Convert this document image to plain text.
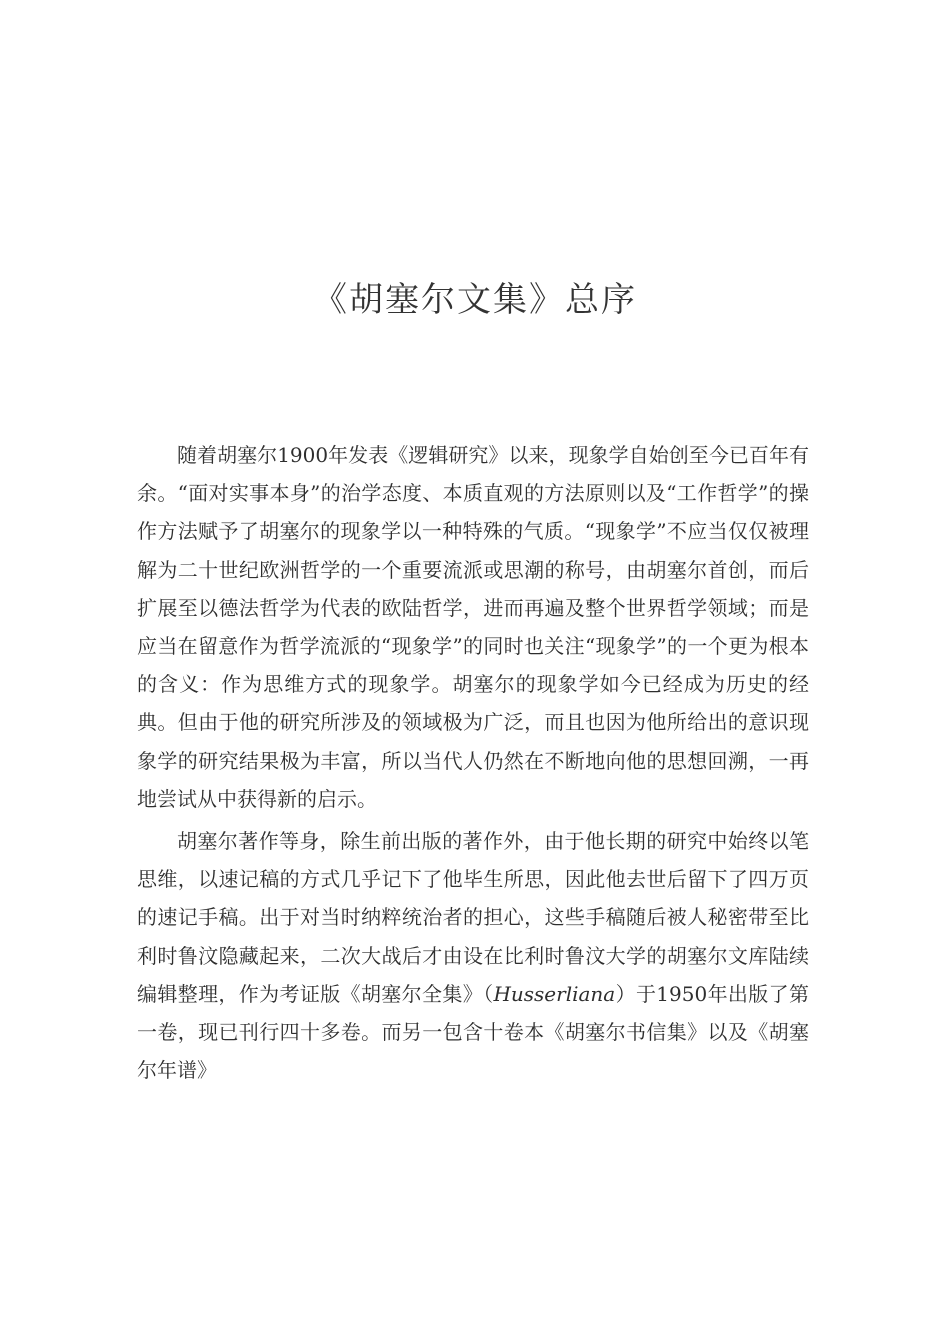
《胡塞尔文集》总序

随着胡塞尔1900年发表《逻辑研究》以来，现象学自始创至今已百年有余。“面对实事本身”的治学态度、本质直观的方法原则以及“工作哲学”的操作方法赋予了胡塞尔的现象学以一种特殊的气质。“现象学”不应当仅仅被理解为二十世纪欧洲哲学的一个重要流派或思潮的称号，由胡塞尔首创，而后扩展至以德法哲学为代表的欧陆哲学，进而再遍及整个世界哲学领域；而是应当在留意作为哲学流派的“现象学”的同时也关注“现象学”的一个更为根本的含义：作为思维方式的现象学。胡塞尔的现象学如今已经成为历史的经典。但由于他的研究所涉及的领域极为广泛，而且也因为他所给出的意识现象学的研究结果极为丰富，所以当代人仍然在不断地向他的思想回溯，一再地尝试从中获得新的启示。

胡塞尔著作等身，除生前出版的著作外，由于他长期的研究中始终以笔思维，以速记稿的方式几乎记下了他毕生所思，因此他去世后留下了四万页的速记手稿。出于对当时纳粹统治者的担心，这些手稿随后被人秘密带至比利时鲁汶隐藏起来，二次大战后才由设在比利时鲁汶大学的胡塞尔文库陆续编辑整理，作为考证版《胡塞尔全集》（Husserliana）于1950年出版了第一卷，现已刊行四十多卷。而另一包含十卷本《胡塞尔书信集》以及《胡塞尔年谱》
